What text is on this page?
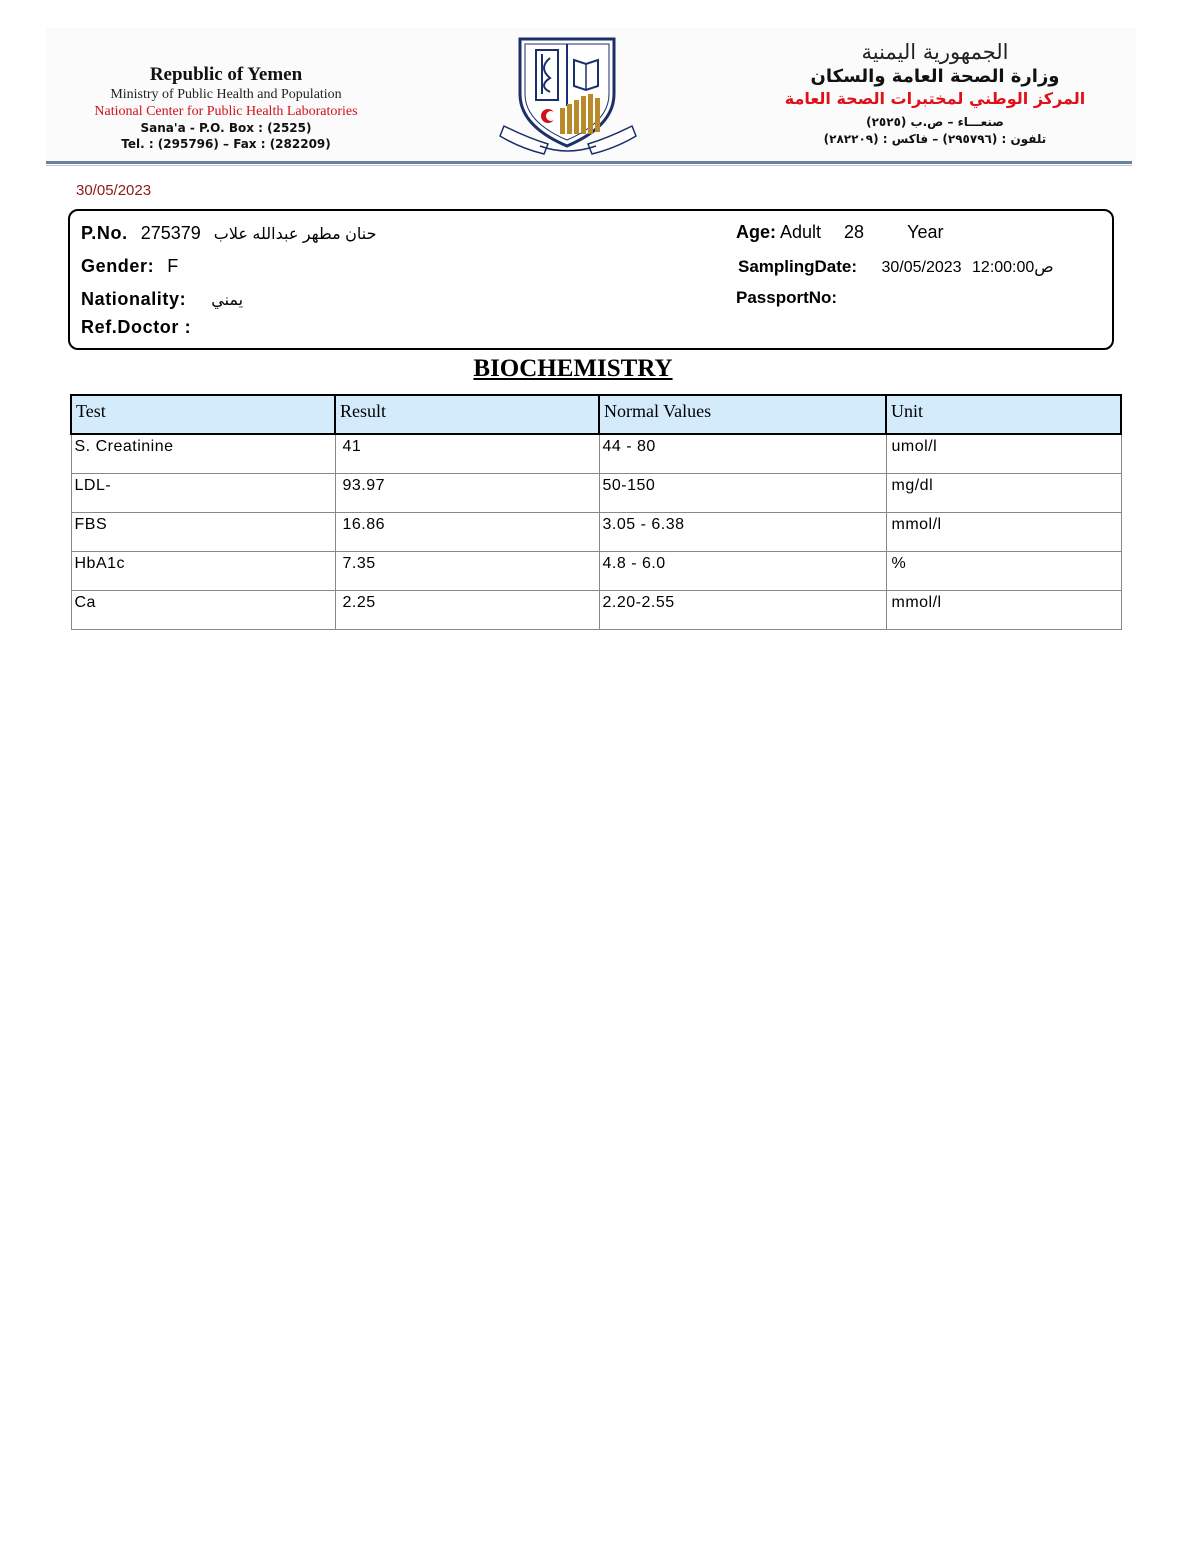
Republic of Yemen
Ministry of Public Health and Population
National Center for Public Health Laboratories
Sana'a - P.O. Box : (2525)
Tel. : (295796) – Fax : (282209)
الجمهورية اليمنية
وزارة الصحة العامة والسكان
المركز الوطني لمختبرات الصحة العامة
صنعـــاء – ص.ب (٢٥٢٥)
تلفون : (٢٩٥٧٩٦) – فاكس : (٢٨٢٢٠٩)
30/05/2023
P.No. 275379 حنان مطهر عبدالله علاب
Gender: F
Nationality: يمني
Ref.Doctor :
Age: Adult 28 Year
SamplingDate: 30/05/2023 ص12:00:00
PassportNo:
BIOCHEMISTRY
Test	Result	Normal Values	Unit
S. Creatinine	41	44 - 80	umol/l
LDL-	93.97	50-150	mg/dl
FBS	16.86	3.05 - 6.38	mmol/l
HbA1c	7.35	4.8 - 6.0	%
Ca	2.25	2.20-2.55	mmol/l
